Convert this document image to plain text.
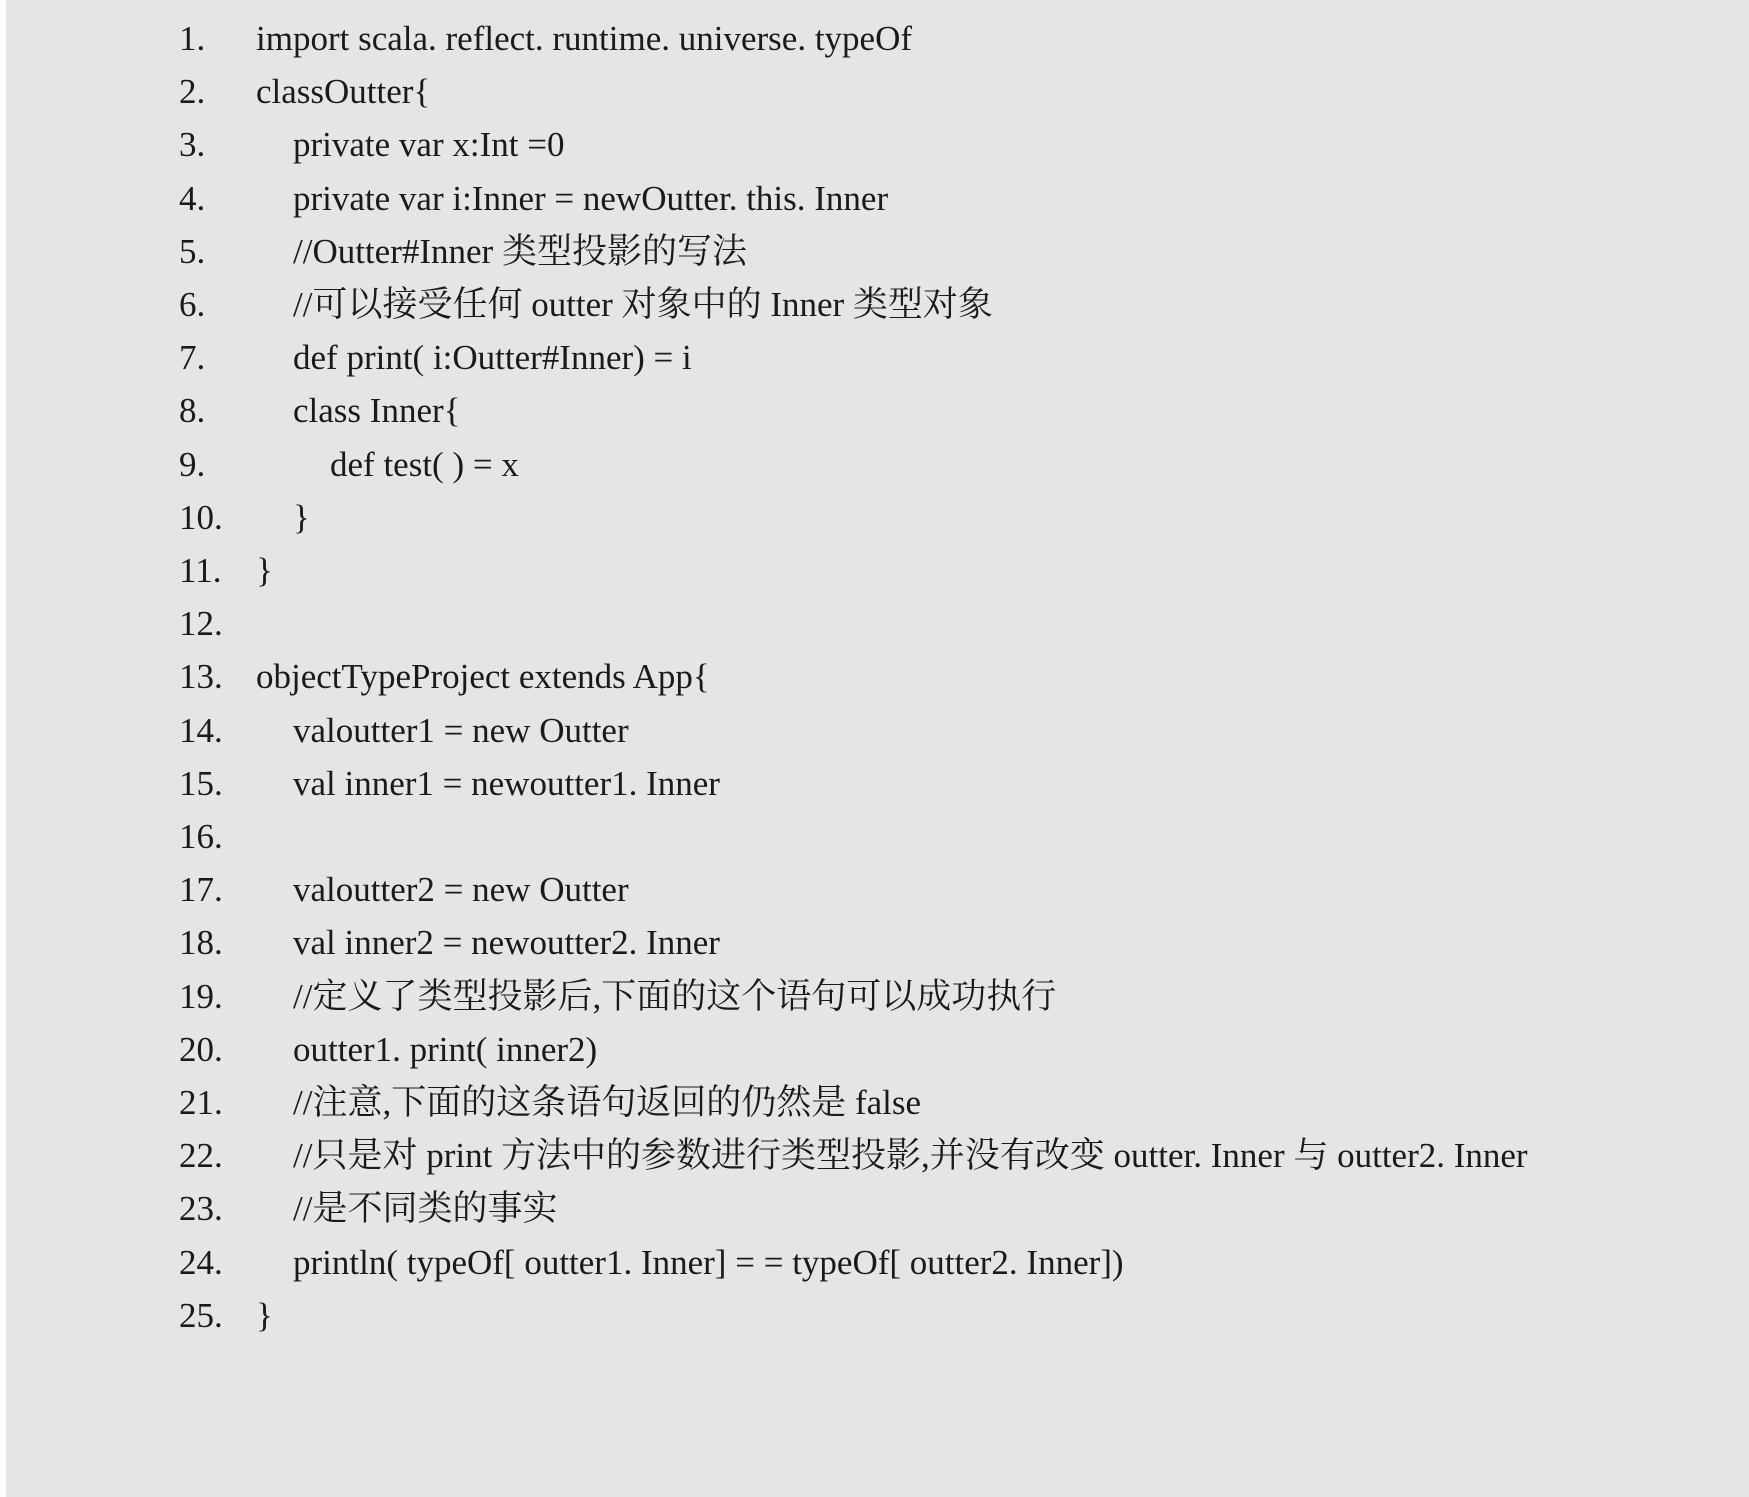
1. import scala. reflect. runtime. universe. typeOf
2. classOutter{
3.	private var x:Int =0
4.	private var i:Inner = newOutter. this. Inner
5.	//Outter#Inner 类型投影的写法
6.	//可以接受任何 outter 对象中的 Inner 类型对象
7.	def print( i:Outter#Inner) = i
8.	class Inner{
9.	def test( ) = x
10. }
11. }
12.
13. objectTypeProject extends App{
14. valoutter1 = new Outter
15. val inner1 = newoutter1. Inner
16.
17. valoutter2 = new Outter
18. val inner2 = newoutter2. Inner
19. //定义了类型投影后,下面的这个语句可以成功执行
20. outter1. print( inner2)
21. //注意,下面的这条语句返回的仍然是 false
22. //只是对 print 方法中的参数进行类型投影,并没有改变 outter. Inner 与 outter2. Inner
23. //是不同类的事实
24. println( typeOf[ outter1. Inner] = = typeOf[ outter2. Inner])
25. }
